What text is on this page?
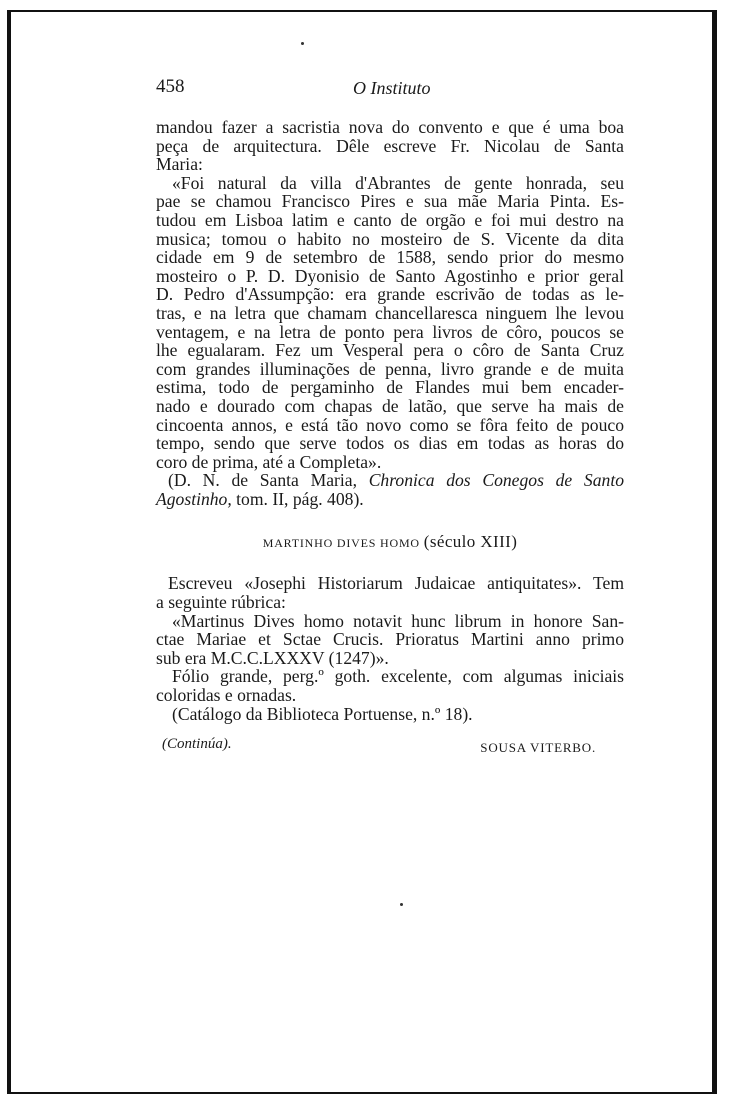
458	O Instituto
mandou fazer a sacristia nova do convento e que é uma boa
peça de arquitectura. Dêle escreve Fr. Nicolau de Santa
Maria:
«Foi natural da villa d'Abrantes de gente honrada, seu
pae se chamou Francisco Pires e sua mãe Maria Pinta. Es-
tudou em Lisboa latim e canto de orgão e foi mui destro na
musica; tomou o habito no mosteiro de S. Vicente da dita
cidade em 9 de setembro de 1588, sendo prior do mesmo
mosteiro o P. D. Dyonisio de Santo Agostinho e prior geral
D. Pedro d'Assumpção: era grande escrivão de todas as le-
tras, e na letra que chamam chancellaresca ninguem lhe levou
ventagem, e na letra de ponto pera livros de côro, poucos se
lhe egualaram. Fez um Vesperal pera o côro de Santa Cruz
com grandes illuminações de penna, livro grande e de muita
estima, todo de pergaminho de Flandes mui bem encader-
nado e dourado com chapas de latão, que serve ha mais de
cincoenta annos, e está tão novo como se fôra feito de pouco
tempo, sendo que serve todos os dias em todas as horas do
coro de prima, até a Completa».
(D. N. de Santa Maria, Chronica dos Conegos de Santo
Agostinho, tom. II, pág. 408).
MARTINHO DIVES HOMO (século XIII)
Escreveu «Josephi Historiarum Judaicae antiquitates». Tem
a seguinte rúbrica:
«Martinus Dives homo notavit hunc librum in honore San-
ctae Mariae et Sctae Crucis. Prioratus Martini anno primo
sub era M.C.C.LXXXV (1247)».
Fólio grande, perg.º goth. excelente, com algumas iniciais
coloridas e ornadas.
(Catálogo da Biblioteca Portuense, n.º 18).
(Continúa).	SOUSA VITERBO.
